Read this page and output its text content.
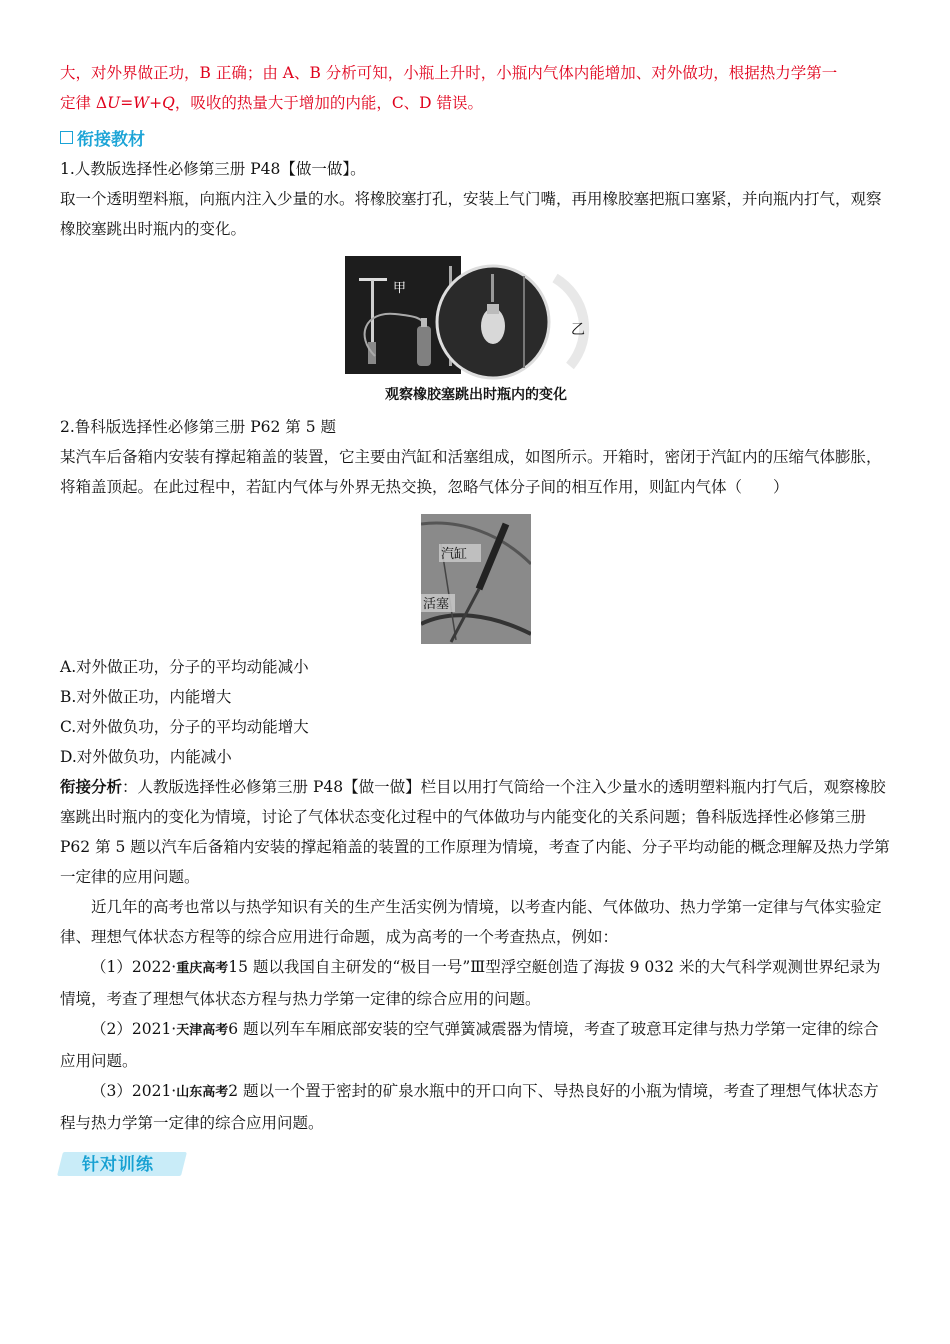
大，对外界做正功，B 正确；由 A、B 分析可知，小瓶上升时，小瓶内气体内能增加、对外做功，根据热力学第一

定律 ΔU=W+Q，吸收的热量大于增加的内能，C、D 错误。

衔接教材

1.人教版选择性必修第三册 P48【做一做】。

取一个透明塑料瓶，向瓶内注入少量的水。将橡胶塞打孔，安装上气门嘴，再用橡胶塞把瓶口塞紧，并向瓶内打气，观察橡胶塞跳出时瓶内的变化。

甲
乙
观察橡胶塞跳出时瓶内的变化

2.鲁科版选择性必修第三册 P62 第 5 题

某汽车后备箱内安装有撑起箱盖的装置，它主要由汽缸和活塞组成，如图所示。开箱时，密闭于汽缸内的压缩气体膨胀，将箱盖顶起。在此过程中，若缸内气体与外界无热交换，忽略气体分子间的相互作用，则缸内气体（　　）

汽缸
活塞

A.对外做正功，分子的平均动能减小

B.对外做正功，内能增大

C.对外做负功，分子的平均动能增大

D.对外做负功，内能减小

衔接分析：人教版选择性必修第三册 P48【做一做】栏目以用打气筒给一个注入少量水的透明塑料瓶内打气后，观察橡胶塞跳出时瓶内的变化为情境，讨论了气体状态变化过程中的气体做功与内能变化的关系问题；鲁科版选择性必修第三册 P62 第 5 题以汽车后备箱内安装的撑起箱盖的装置的工作原理为情境，考查了内能、分子平均动能的概念理解及热力学第一定律的应用问题。

近几年的高考也常以与热学知识有关的生产生活实例为情境，以考查内能、气体做功、热力学第一定律与气体实验定律、理想气体状态方程等的综合应用进行命题，成为高考的一个考查热点，例如：

（1）2022·重庆高考15 题以我国自主研发的“极目一号”Ⅲ型浮空艇创造了海拔 9 032 米的大气科学观测世界纪录为情境，考查了理想气体状态方程与热力学第一定律的综合应用的问题。

（2）2021·天津高考6 题以列车车厢底部安装的空气弹簧减震器为情境，考查了玻意耳定律与热力学第一定律的综合应用问题。

（3）2021·山东高考2 题以一个置于密封的矿泉水瓶中的开口向下、导热良好的小瓶为情境，考查了理想气体状态方程与热力学第一定律的综合应用问题。

针对训练
